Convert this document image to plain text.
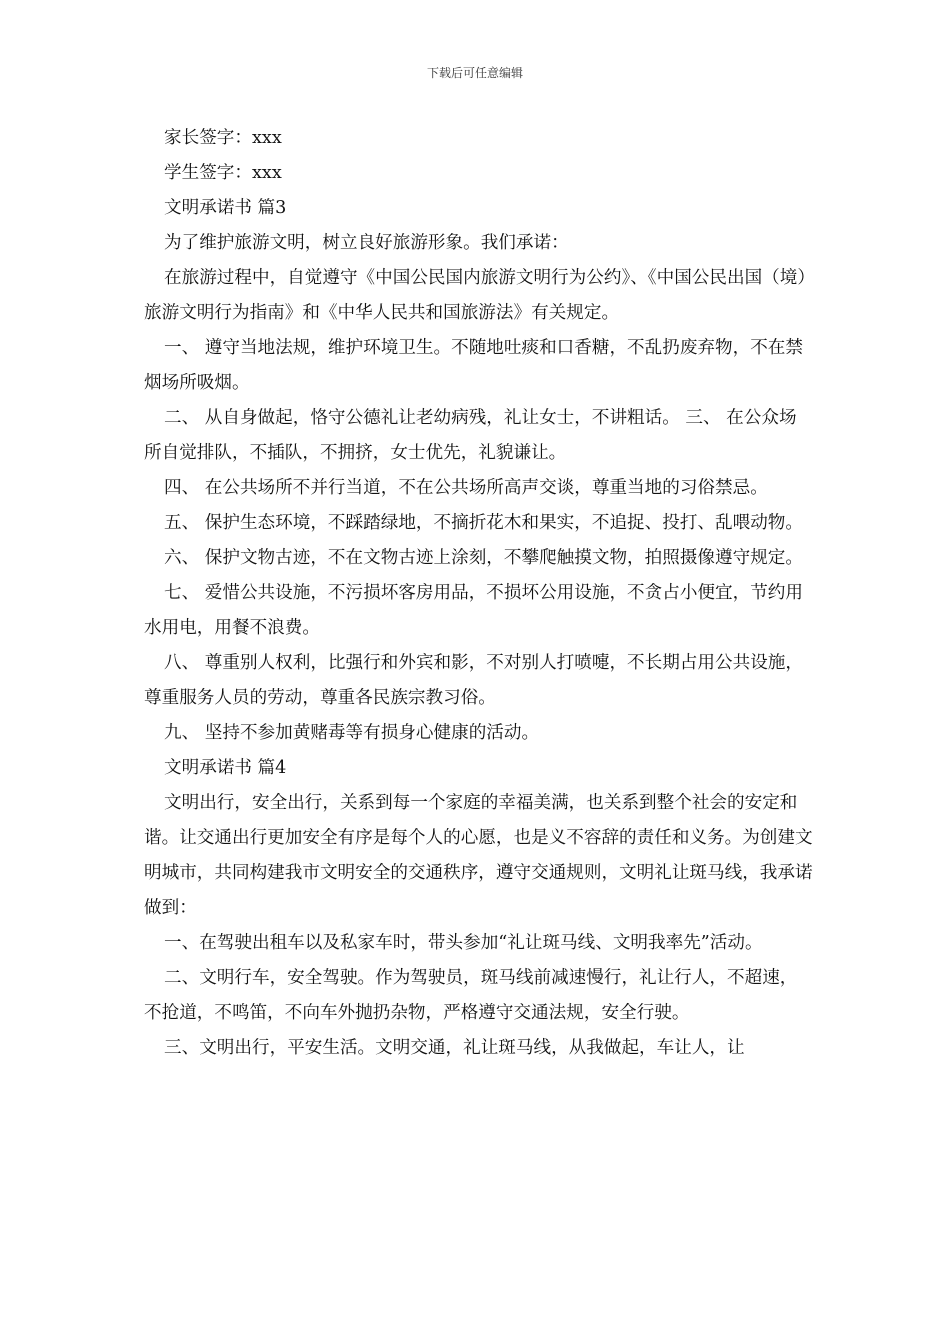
下载后可任意编辑

家长签字：xxx

学生签字：xxx

文明承诺书 篇3

为了维护旅游文明，树立良好旅游形象。我们承诺：

在旅游过程中，自觉遵守《中国公民国内旅游文明行为公约》、《中国公民出国（境）旅游文明行为指南》和《中华人民共和国旅游法》有关规定。

一、 遵守当地法规，维护环境卫生。不随地吐痰和口香糖，不乱扔废弃物，不在禁烟场所吸烟。

二、 从自身做起，恪守公德礼让老幼病残，礼让女士，不讲粗话。 三、 在公众场所自觉排队，不插队，不拥挤，女士优先，礼貌谦让。

四、 在公共场所不并行当道，不在公共场所高声交谈，尊重当地的习俗禁忌。

五、 保护生态环境，不踩踏绿地，不摘折花木和果实，不追捉、投打、乱喂动物。

六、 保护文物古迹，不在文物古迹上涂刻，不攀爬触摸文物，拍照摄像遵守规定。

七、 爱惜公共设施，不污损坏客房用品，不损坏公用设施，不贪占小便宜，节约用水用电，用餐不浪费。

八、 尊重别人权利，比强行和外宾和影，不对别人打喷嚏，不长期占用公共设施，尊重服务人员的劳动，尊重各民族宗教习俗。

九、 坚持不参加黄赌毒等有损身心健康的活动。

文明承诺书 篇4

文明出行，安全出行，关系到每一个家庭的幸福美满，也关系到整个社会的安定和谐。让交通出行更加安全有序是每个人的心愿，也是义不容辞的责任和义务。为创建文明城市，共同构建我市文明安全的交通秩序，遵守交通规则，文明礼让斑马线，我承诺做到：

一、在驾驶出租车以及私家车时，带头参加“礼让斑马线、文明我率先”活动。

二、文明行车，安全驾驶。作为驾驶员，斑马线前减速慢行，礼让行人，不超速，不抢道，不鸣笛，不向车外抛扔杂物，严格遵守交通法规，安全行驶。

三、文明出行，平安生活。文明交通，礼让斑马线，从我做起，车让人，让
